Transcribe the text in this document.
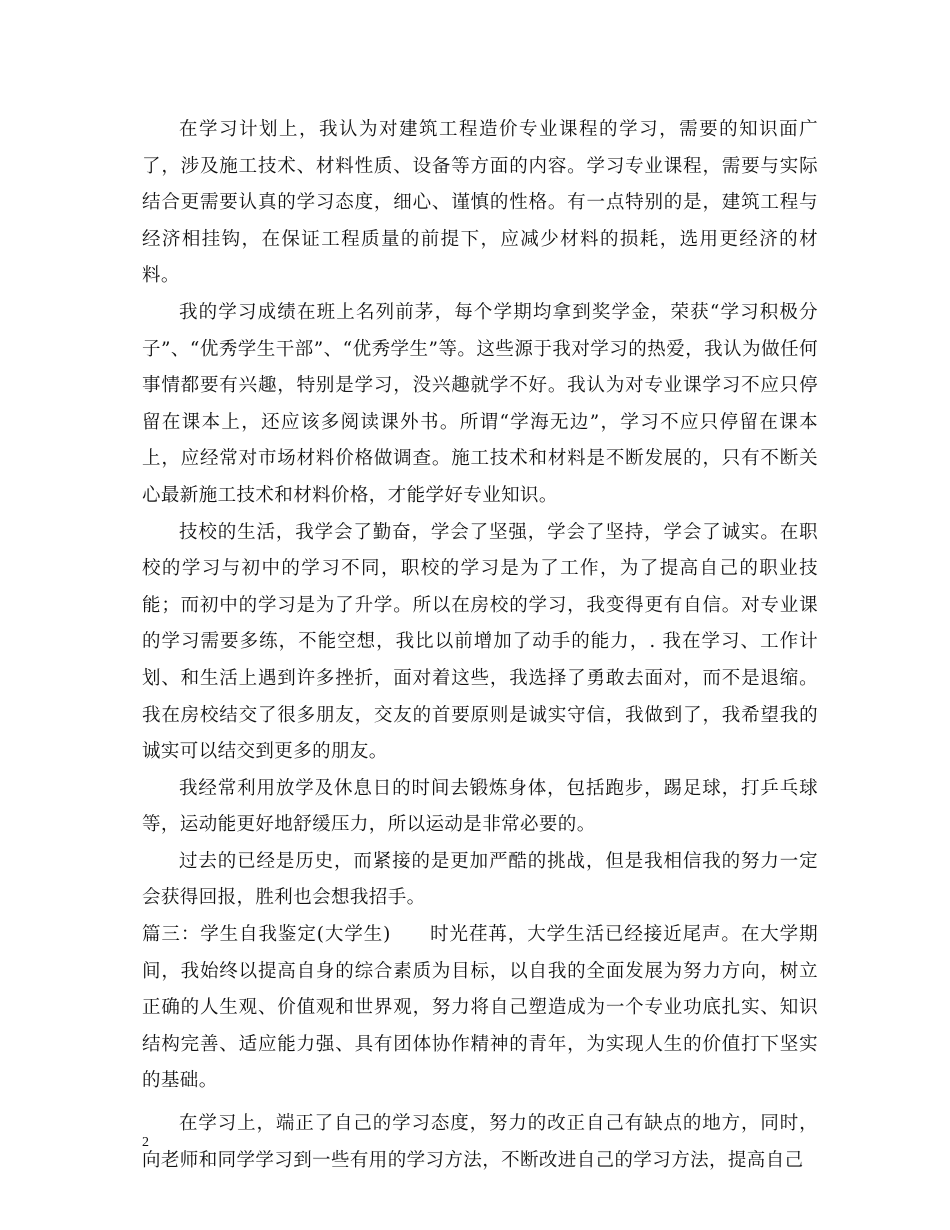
在学习计划上，我认为对建筑工程造价专业课程的学习，需要的知识面广了，涉及施工技术、材料性质、设备等方面的内容。学习专业课程，需要与实际结合更需要认真的学习态度，细心、谨慎的性格。有一点特别的是，建筑工程与经济相挂钩，在保证工程质量的前提下，应减少材料的损耗，选用更经济的材料。

我的学习成绩在班上名列前茅，每个学期均拿到奖学金，荣获“学习积极分子”、“优秀学生干部”、“优秀学生”等。这些源于我对学习的热爱，我认为做任何事情都要有兴趣，特别是学习，没兴趣就学不好。我认为对专业课学习不应只停留在课本上，还应该多阅读课外书。所谓“学海无边”，学习不应只停留在课本上，应经常对市场材料价格做调查。施工技术和材料是不断发展的，只有不断关心最新施工技术和材料价格，才能学好专业知识。

技校的生活，我学会了勤奋，学会了坚强，学会了坚持，学会了诚实。在职校的学习与初中的学习不同，职校的学习是为了工作，为了提高自己的职业技能；而初中的学习是为了升学。所以在房校的学习，我变得更有自信。对专业课的学习需要多练，不能空想，我比以前增加了动手的能力，. 我在学习、工作计划、和生活上遇到许多挫折，面对着这些，我选择了勇敢去面对，而不是退缩。我在房校结交了很多朋友，交友的首要原则是诚实守信，我做到了，我希望我的诚实可以结交到更多的朋友。

我经常利用放学及休息日的时间去锻炼身体，包括跑步，踢足球，打乒乓球等，运动能更好地舒缓压力，所以运动是非常必要的。

过去的已经是历史，而紧接的是更加严酷的挑战，但是我相信我的努力一定会获得回报，胜利也会想我招手。

篇三：学生自我鉴定(大学生)　　时光荏苒，大学生活已经接近尾声。在大学期间，我始终以提高自身的综合素质为目标，以自我的全面发展为努力方向，树立正确的人生观、价值观和世界观，努力将自己塑造成为一个专业功底扎实、知识结构完善、适应能力强、具有团体协作精神的青年，为实现人生的价值打下坚实的基础。

在学习上，端正了自己的学习态度，努力的改正自己有缺点的地方，同时，向老师和同学学习到一些有用的学习方法，不断改进自己的学习方法，提高自己

2
